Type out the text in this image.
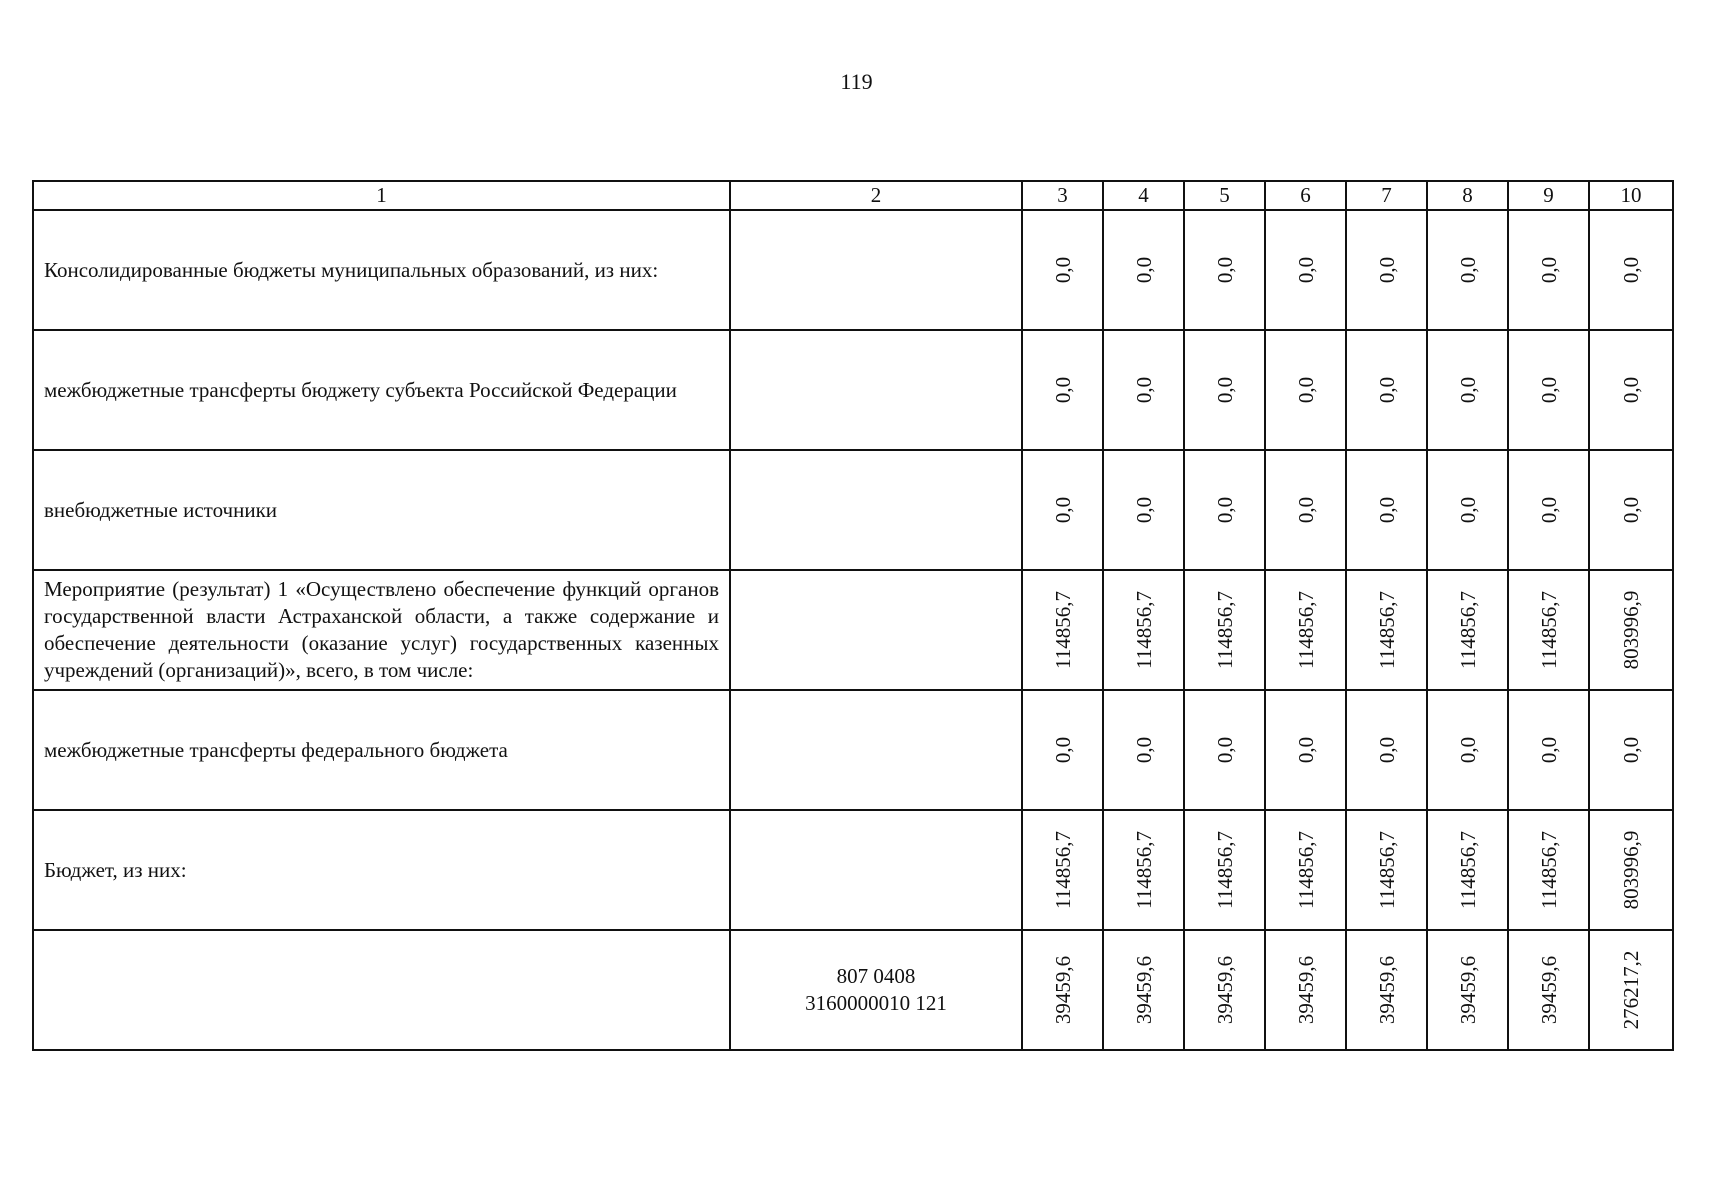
119
1	2	3	4	5	6	7	8	9	10
Консолидированные бюджеты муниципальных образований, из них:		0,0	0,0	0,0	0,0	0,0	0,0	0,0	0,0

межбюджетные трансферты бюджету субъекта Российской Федерации		0,0	0,0	0,0	0,0	0,0	0,0	0,0	0,0

внебюджетные источники		0,0	0,0	0,0	0,0	0,0	0,0	0,0	0,0

Мероприятие (результат) 1 «Осуществлено обеспечение функций органов государственной власти Астраханской области, а также содержание и обеспечение деятельности (оказание услуг) государственных казенных учреждений (организаций)», всего, в том числе:		114856,7	114856,7	114856,7	114856,7	114856,7	114856,7	114856,7	803996,9

межбюджетные трансферты федерального бюджета		0,0	0,0	0,0	0,0	0,0	0,0	0,0	0,0

Бюджет, из них:		114856,7	114856,7	114856,7	114856,7	114856,7	114856,7	114856,7	803996,9

	807 0408
3160000010 121	39459,6	39459,6	39459,6	39459,6	39459,6	39459,6	39459,6	276217,2
